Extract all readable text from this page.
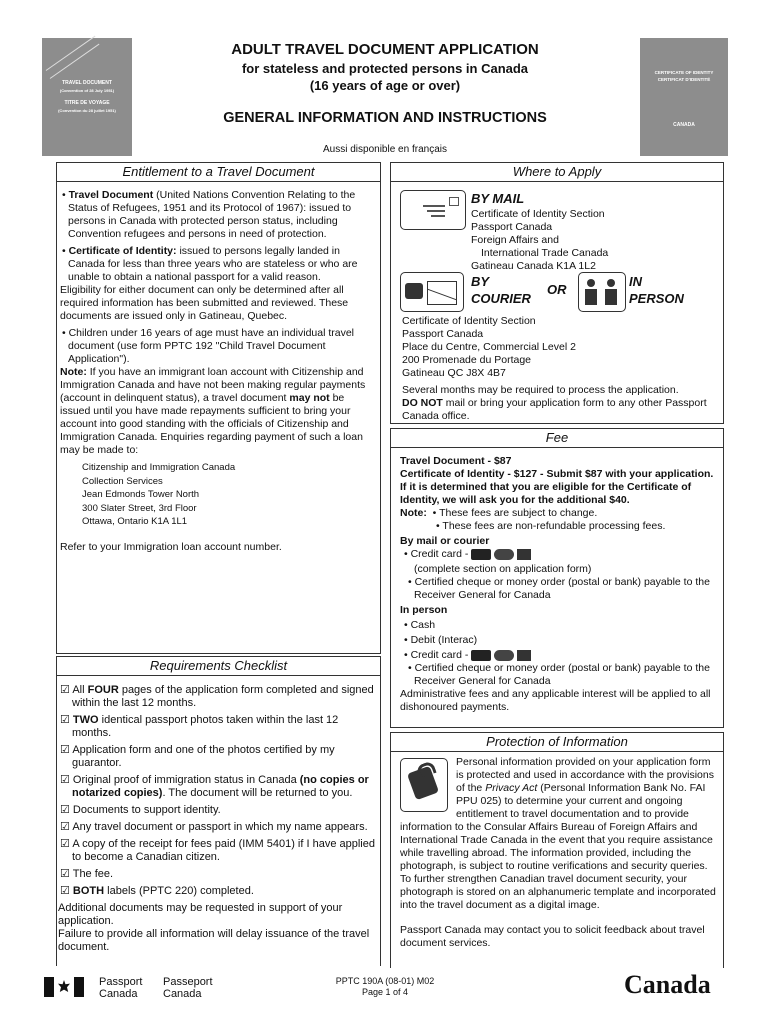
TRAVEL DOCUMENT
(Convention of 28 July 1951)
TITRE DE VOYAGE
(Convention du 28 juillet 1951)
CERTIFICATE OF IDENTITY
CERTIFICAT D'IDENTITÉ
CANADA
ADULT TRAVEL DOCUMENT APPLICATION
for stateless and protected persons in Canada
(16 years of age or over)
GENERAL INFORMATION AND INSTRUCTIONS
Aussi disponible en français
Entitlement to a Travel Document

• Travel Document (United Nations Convention Relating to the Status of Refugees, 1951 and its Protocol of 1967): issued to persons in Canada with protected person status, including Convention refugees and persons in need of protection.

• Certificate of Identity: issued to persons legally landed in Canada for less than three years who are stateless or who are unable to obtain a national passport for a valid reason.

Eligibility for either document can only be determined after all required information has been submitted and reviewed. These documents are issued only in Gatineau, Quebec.

• Children under 16 years of age must have an individual travel document (use form PPTC 192 "Child Travel Document Application").

Note: If you have an immigrant loan account with Citizenship and Immigration Canada and have not been making regular payments (account in delinquent status), a travel document may not be issued until you have made repayments sufficient to bring your account into good standing with the officials of Citizenship and Immigration Canada. Enquiries regarding payment of such a loan may be made to:

Citizenship and Immigration Canada
Collection Services
Jean Edmonds Tower North
300 Slater Street, 3rd Floor
Ottawa, Ontario K1A 1L1

Refer to your Immigration loan account number.

Requirements Checklist

☑ All FOUR pages of the application form completed and signed within the last 12 months.

☑ TWO identical passport photos taken within the last 12 months.

☑ Application form and one of the photos certified by my guarantor.

☑ Original proof of immigration status in Canada (no copies or notarized copies). The document will be returned to you.

☑ Documents to support identity.

☑ Any travel document or passport in which my name appears.

☑ A copy of the receipt for fees paid (IMM 5401) if I have applied to become a Canadian citizen.

☑ The fee.

☑ BOTH labels (PPTC 220) completed.

Additional documents may be requested in support of your application.

Failure to provide all information will delay issuance of the travel document.

Where to Apply
BY MAIL
Certificate of Identity Section
Passport Canada
Foreign Affairs and
International Trade Canada
Gatineau Canada K1A 1L2
BY
COURIER
OR
IN
PERSON
Certificate of Identity Section
Passport Canada
Place du Centre, Commercial Level 2
200 Promenade du Portage
Gatineau QC J8X 4B7

Several months may be required to process the application.

DO NOT mail or bring your application form to any other Passport Canada office.

Fee

Travel Document - $87

Certificate of Identity - $127 - Submit $87 with your application. If it is determined that you are eligible for the Certificate of Identity, we will ask you for the additional $40.

Note:  • These fees are subject to change.

• These fees are non-refundable processing fees.

By mail or courier

• Credit card -

(complete section on application form)

• Certified cheque or money order (postal or bank) payable to the Receiver General for Canada

In person

• Cash

• Debit (Interac)

• Credit card -

• Certified cheque or money order (postal or bank) payable to the Receiver General for Canada

Administrative fees and any applicable interest will be applied to all dishonoured payments.

Protection of Information

Personal information provided on your application form is protected and used in accordance with the provisions of the Privacy Act (Personal Information Bank No. FAI PPU 025) to determine your current and ongoing entitlement to travel documentation and to provide information to the Consular Affairs Bureau of Foreign Affairs and International Trade Canada in the event that you require assistance while travelling abroad. The information provided, including the photograph, is subject to routine verifications and security queries. To further strengthen Canadian travel document security, your photograph is stored on an alphanumeric template and incorporated into the travel document as a digital image.

Passport Canada may contact you to solicit feedback about travel document services.

Passport
Canada
Passeport
Canada
PPTC 190A (08-01) M02
Page 1 of 4	Canada
